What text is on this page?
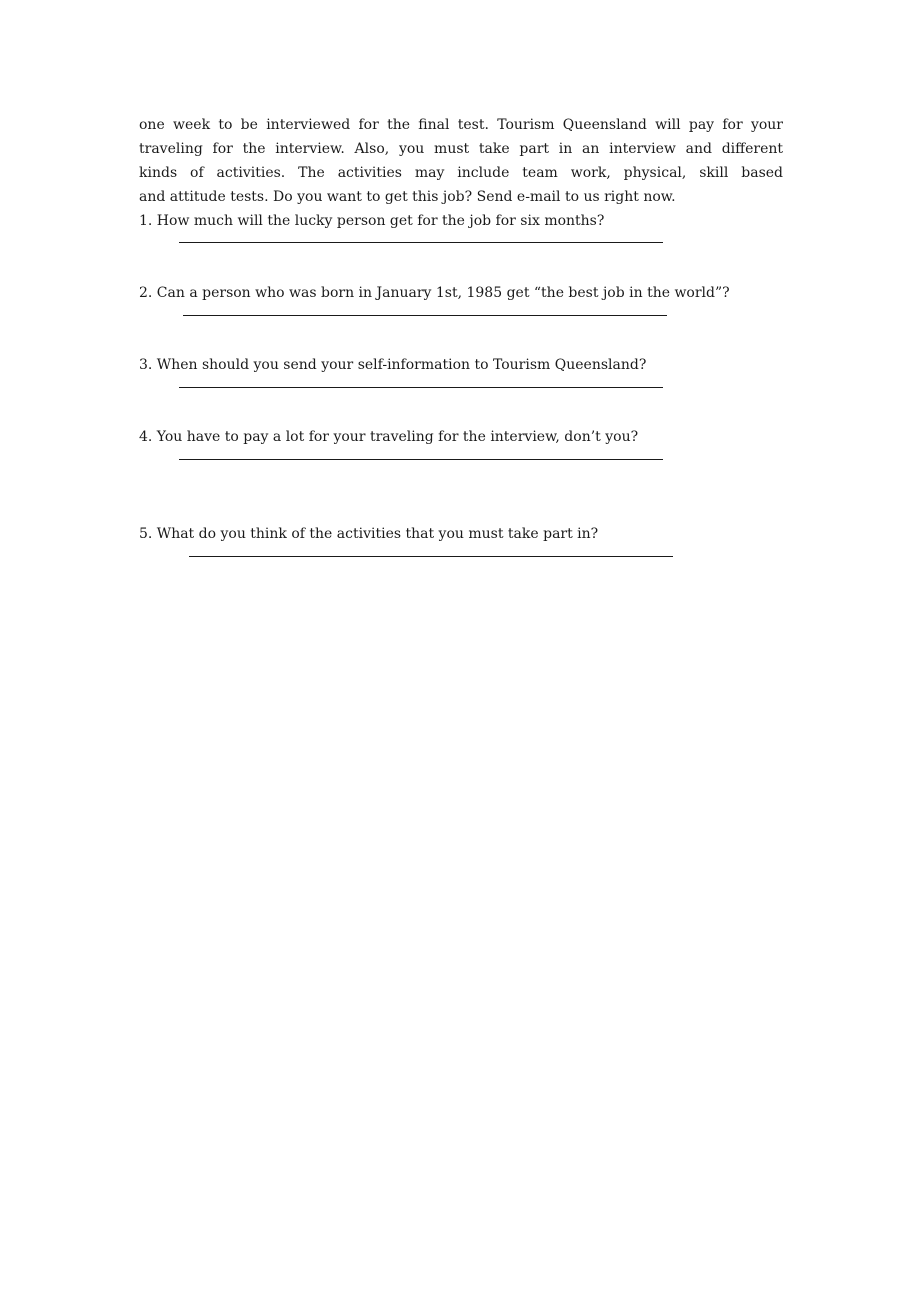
one week to be interviewed for the final test. Tourism Queensland will pay for your
traveling for the interview. Also, you must take part in an interview and different
kinds of activities. The activities may include team work, physical, skill based
and attitude tests. Do you want to get this job? Send e-mail to us right now.

1. How much will the lucky person get for the job for six months?
2. Can a person who was born in January 1st, 1985 get “the best job in the world”?
3. When should you send your self-information to Tourism Queensland?
4. You have to pay a lot for your traveling for the interview, don’t you?
5. What do you think of the activities that you must take part in?
